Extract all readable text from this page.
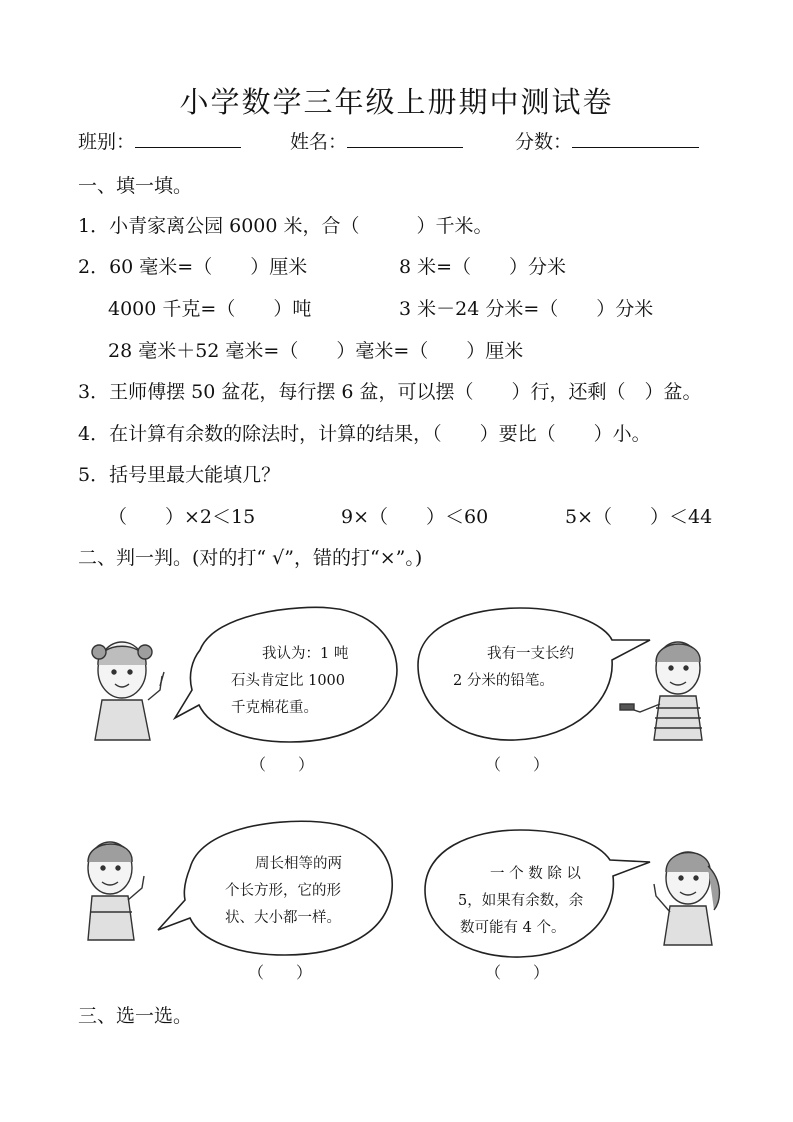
小学数学三年级上册期中测试卷
班别：	姓名：	分数：
一、填一填。
1．小青家离公园 6000 米，合（　　　）千米。
2．60 毫米=（　　）厘米	8 米=（　　）分米
4000 千克=（　　）吨	3 米－24 分米=（　　）分米
28 毫米＋52 毫米=（　　）毫米=（　　）厘米
3．王师傅摆 50 盆花，每行摆 6 盆，可以摆（　　）行，还剩（　）盆。
4．在计算有余数的除法时，计算的结果，（　　）要比（　　）小。
5．括号里最大能填几？
（　　）×2＜15	9×（　　）＜60	5×（　　）＜44
二、判一判。(对的打“ √”，错的打“×”。)
我认为：1 吨
石头肯定比 1000
千克棉花重。
我有一支长约
2 分米的铅笔。
周长相等的两
个长方形，它的形
状、大小都一样。
一 个 数 除 以
5，如果有余数，余
数可能有 4 个。
（　　）	（　　）
（　　）	（　　）
三、选一选。
